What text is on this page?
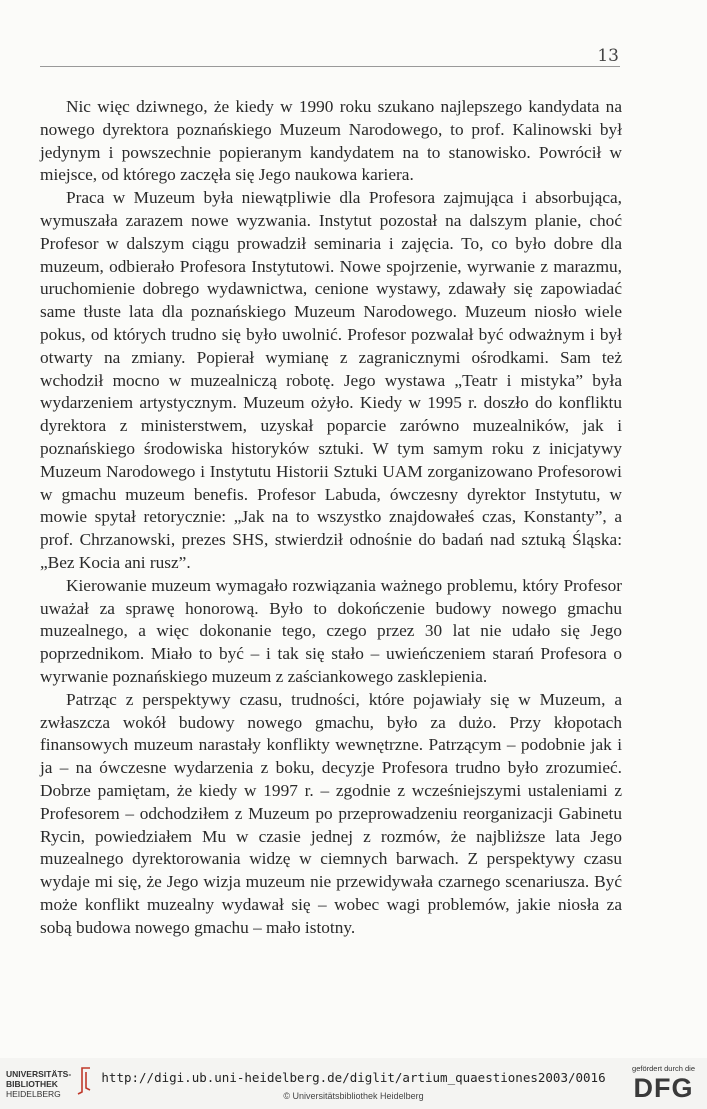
13

Nic więc dziwnego, że kiedy w 1990 roku szukano najlepszego kandydata na nowego dyrektora poznańskiego Muzeum Narodowego, to prof. Kalinowski był jedynym i powszechnie popieranym kandydatem na to stanowisko. Powrócił w miejsce, od którego zaczęła się Jego naukowa kariera.

Praca w Muzeum była niewątpliwie dla Profesora zajmująca i absorbująca, wymuszała zarazem nowe wyzwania. Instytut pozostał na dalszym planie, choć Profesor w dalszym ciągu prowadził seminaria i zajęcia. To, co było dobre dla muzeum, odbierało Profesora Instytutowi. Nowe spojrzenie, wyrwanie z marazmu, uruchomienie dobrego wydawnictwa, cenione wystawy, zdawały się zapowiadać same tłuste lata dla poznańskiego Muzeum Narodowego. Muzeum niosło wiele pokus, od których trudno się było uwolnić. Profesor pozwalał być odważnym i był otwarty na zmiany. Popierał wymianę z zagranicznymi ośrodkami. Sam też wchodził mocno w muzealniczą robotę. Jego wystawa „Teatr i mistyka” była wydarzeniem artystycznym. Muzeum ożyło. Kiedy w 1995 r. doszło do konfliktu dyrektora z ministerstwem, uzyskał poparcie zarówno muzealników, jak i poznańskiego środowiska historyków sztuki. W tym samym roku z inicjatywy Muzeum Narodowego i Instytutu Historii Sztuki UAM zorganizowano Profesorowi w gmachu muzeum benefis. Profesor Labuda, ówczesny dyrektor Instytutu, w mowie spytał retorycznie: „Jak na to wszystko znajdowałeś czas, Konstanty”, a prof. Chrzanowski, prezes SHS, stwierdził odnośnie do badań nad sztuką Śląska: „Bez Kocia ani rusz”.

Kierowanie muzeum wymagało rozwiązania ważnego problemu, który Profesor uważał za sprawę honorową. Było to dokończenie budowy nowego gmachu muzealnego, a więc dokonanie tego, czego przez 30 lat nie udało się Jego poprzednikom. Miało to być – i tak się stało – uwieńczeniem starań Profesora o wyrwanie poznańskiego muzeum z zaściankowego zasklepienia.

Patrząc z perspektywy czasu, trudności, które pojawiały się w Muzeum, a zwłaszcza wokół budowy nowego gmachu, było za dużo. Przy kłopotach finansowych muzeum narastały konflikty wewnętrzne. Patrzącym – podobnie jak i ja – na ówczesne wydarzenia z boku, decyzje Profesora trudno było zrozumieć. Dobrze pamiętam, że kiedy w 1997 r. – zgodnie z wcześniejszymi ustaleniami z Profesorem – odchodziłem z Muzeum po przeprowadzeniu reorganizacji Gabinetu Rycin, powiedziałem Mu w czasie jednej z rozmów, że najbliższe lata Jego muzealnego dyrektorowania widzę w ciemnych barwach. Z perspektywy czasu wydaje mi się, że Jego wizja muzeum nie przewidywała czarnego scenariusza. Być może konflikt muzealny wydawał się – wobec wagi problemów, jakie niosła za sobą budowa nowego gmachu – mało istotny.

UNIVERSITÄTS-
BIBLIOTHEK
HEIDELBERG
http://digi.ub.uni-heidelberg.de/diglit/artium_quaestiones2003/0016
© Universitätsbibliothek Heidelberg
gefördert durch die
DFG
